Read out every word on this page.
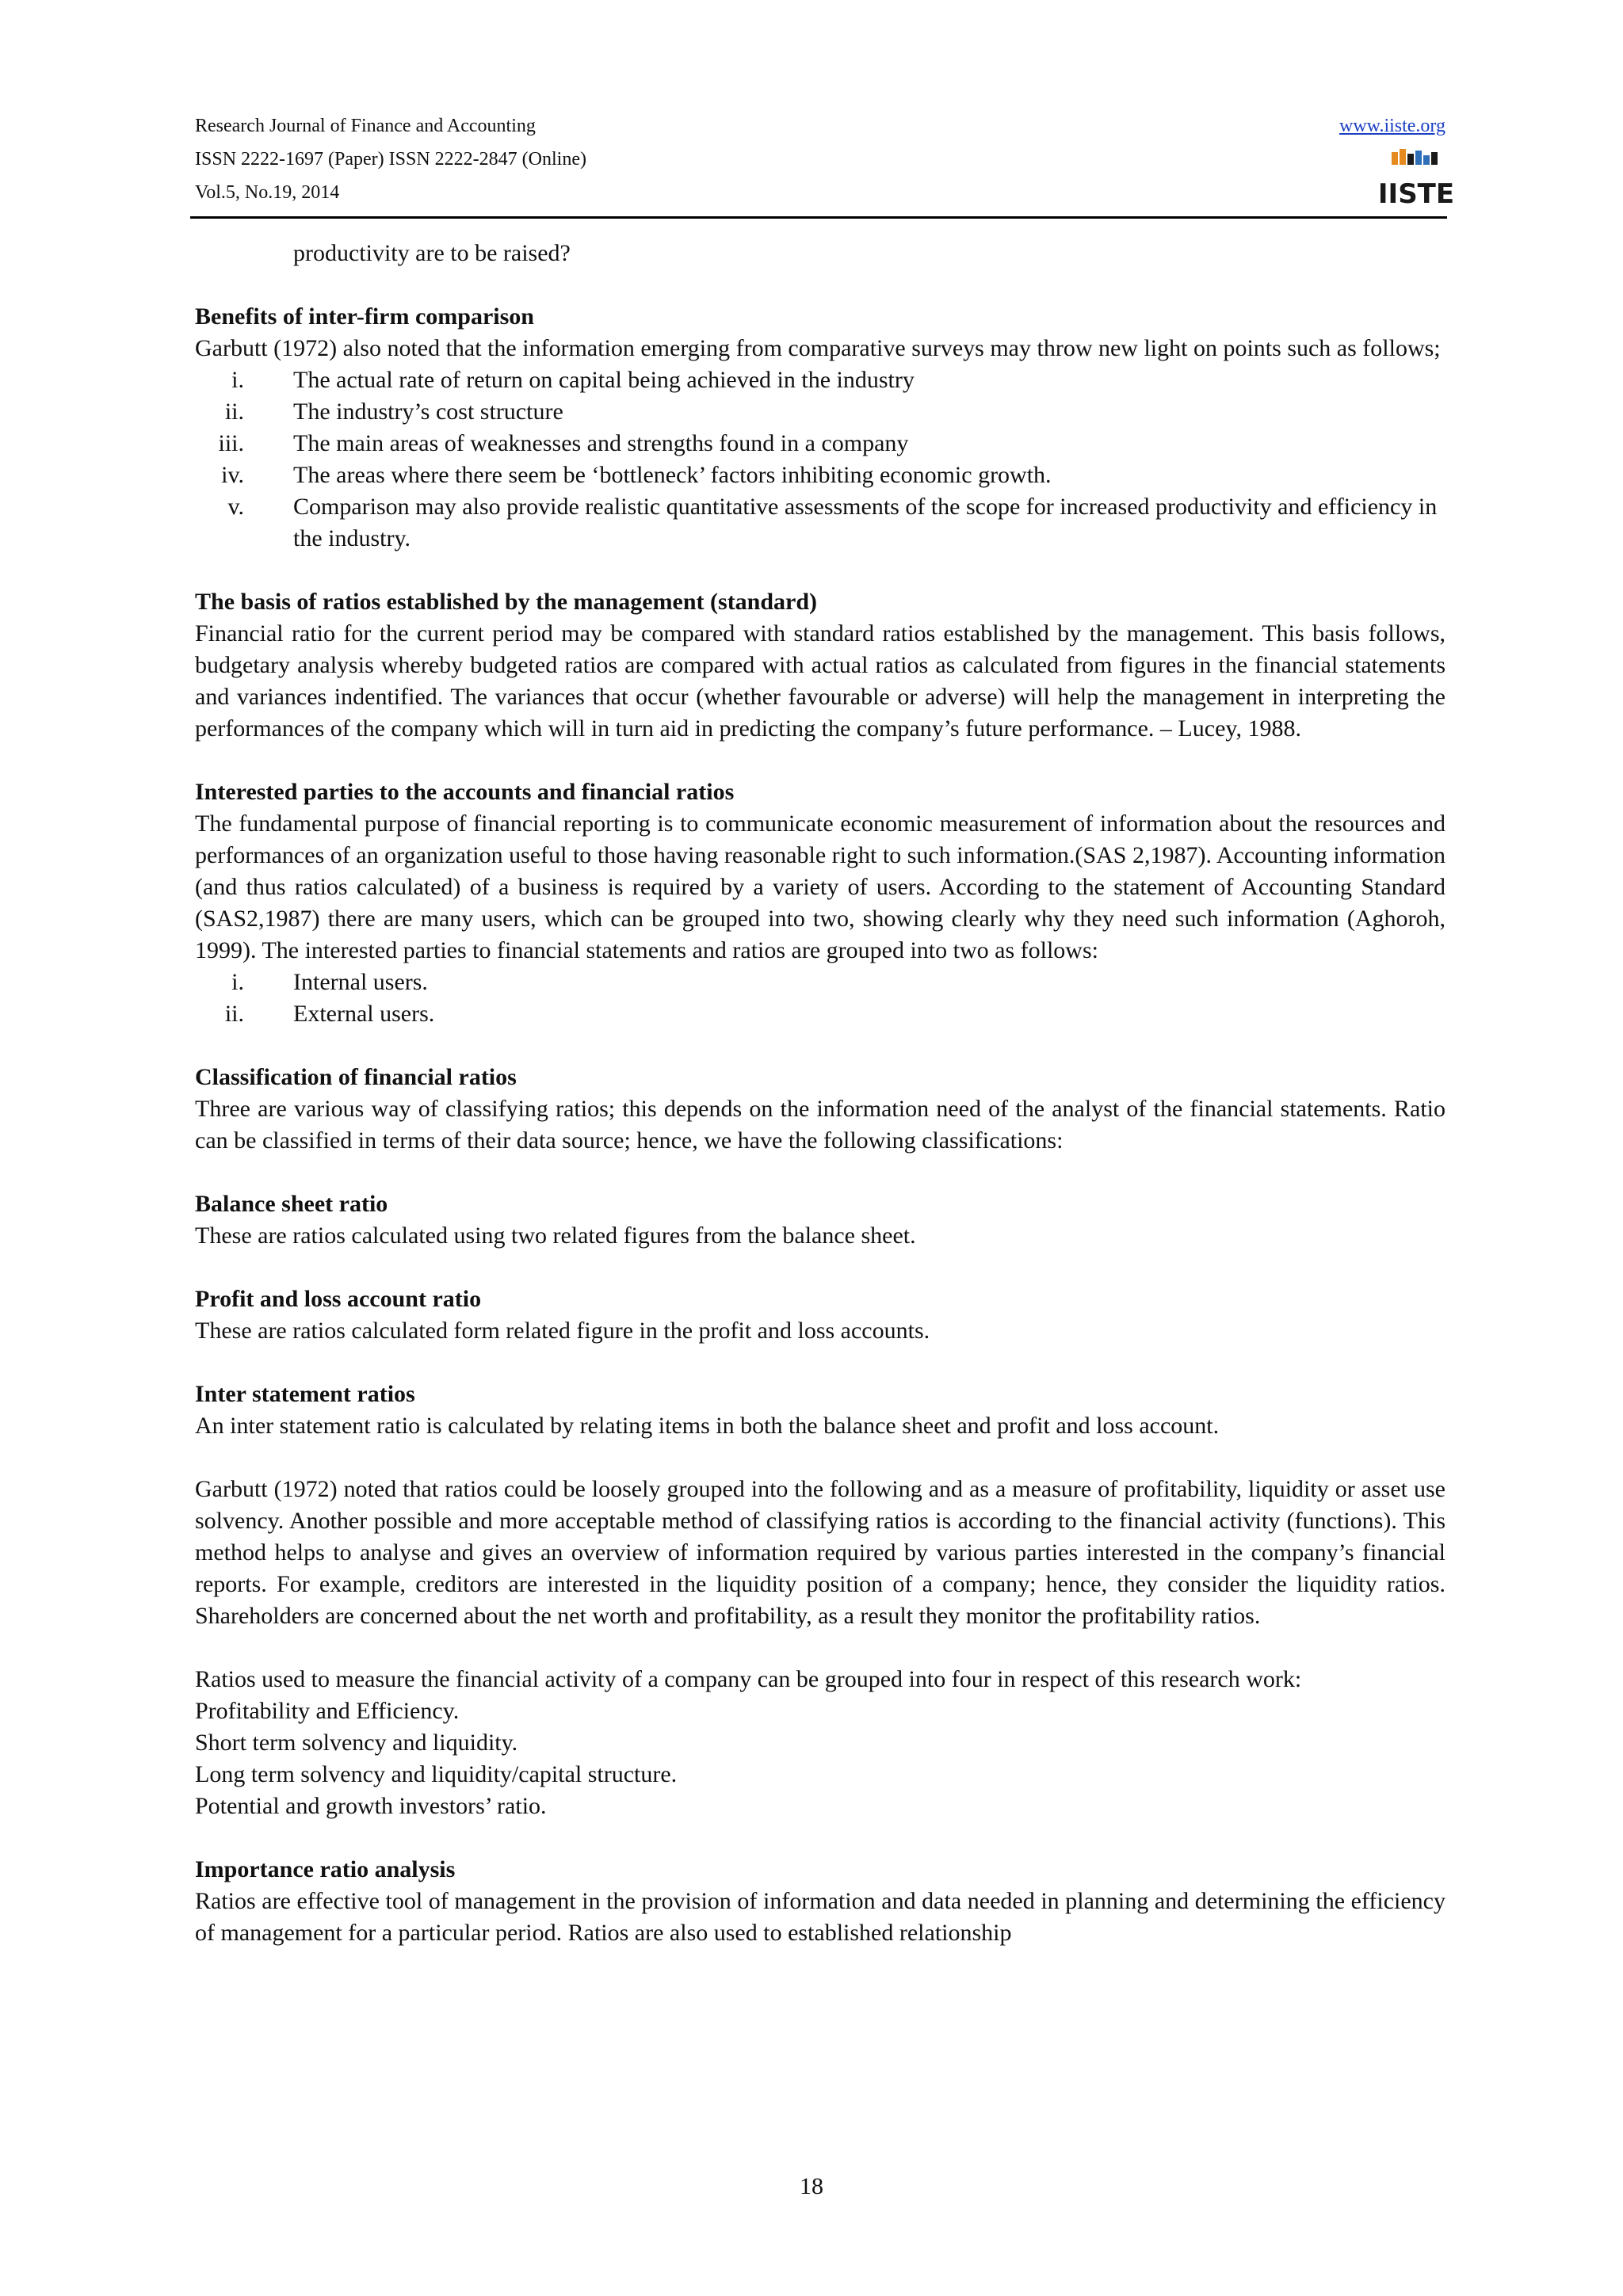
Research Journal of Finance and Accounting
ISSN 2222-1697 (Paper) ISSN 2222-2847 (Online)
Vol.5, No.19, 2014
www.iiste.org
IISTE

productivity are to be raised?

Benefits of inter-firm comparison

Garbutt (1972) also noted that the information emerging from comparative surveys may throw new light on points such as follows;

i. The actual rate of return on capital being achieved in the industry
ii. The industry’s cost structure
iii. The main areas of weaknesses and strengths found in a company
iv. The areas where there seem be ‘bottleneck’ factors inhibiting economic growth.
v. Comparison may also provide realistic quantitative assessments of the scope for increased productivity and efficiency in the industry.

The basis of ratios established by the management (standard)

Financial ratio for the current period may be compared with standard ratios established by the management. This basis follows, budgetary analysis whereby budgeted ratios are compared with actual ratios as calculated from figures in the financial statements and variances indentified. The variances that occur (whether favourable or adverse) will help the management in interpreting the performances of the company which will in turn aid in predicting the company’s future performance. – Lucey, 1988.

Interested parties to the accounts and financial ratios

The fundamental purpose of financial reporting is to communicate economic measurement of information about the resources and performances of an organization useful to those having reasonable right to such information.(SAS 2,1987). Accounting information (and thus ratios calculated) of a business is required by a variety of users. According to the statement of Accounting Standard (SAS2,1987) there are many users, which can be grouped into two, showing clearly why they need such information (Aghoroh, 1999). The interested parties to financial statements and ratios are grouped into two as follows:

i. Internal users.
ii. External users.

Classification of financial ratios

Three are various way of classifying ratios; this depends on the information need of the analyst of the financial statements. Ratio can be classified in terms of their data source; hence, we have the following classifications:

Balance sheet ratio

These are ratios calculated using two related figures from the balance sheet.

Profit and loss account ratio

These are ratios calculated form related figure in the profit and loss accounts.

Inter statement ratios

An inter statement ratio is calculated by relating items in both the balance sheet and profit and loss account.

Garbutt (1972) noted that ratios could be loosely grouped into the following and as a measure of profitability, liquidity or asset use solvency. Another possible and more acceptable method of classifying ratios is according to the financial activity (functions). This method helps to analyse and gives an overview of information required by various parties interested in the company’s financial reports. For example, creditors are interested in the liquidity position of a company; hence, they consider the liquidity ratios. Shareholders are concerned about the net worth and profitability, as a result they monitor the profitability ratios.

Ratios used to measure the financial activity of a company can be grouped into four in respect of this research work:

Profitability and Efficiency.

Short term solvency and liquidity.

Long term solvency and liquidity/capital structure.

Potential and growth investors’ ratio.

Importance ratio analysis

Ratios are effective tool of management in the provision of information and data needed in planning and determining the efficiency of management for a particular period. Ratios are also used to established relationship

18
